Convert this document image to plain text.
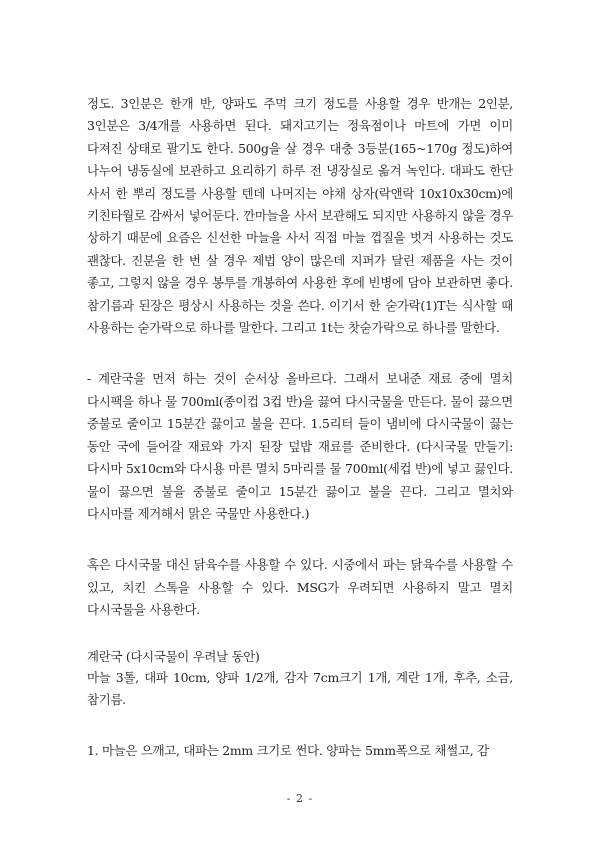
정도. 3인분은 한개 반, 양파도 주먹 크기 정도를 사용할 경우 반개는 2인분, 3인분은 3/4개를 사용하면 된다. 돼지고기는 정육점이나 마트에 가면 이미 다져진 상태로 팔기도 한다. 500g을 살 경우 대충 3등분(165~170g 정도)하여 나누어 냉동실에 보관하고 요리하기 하루 전 냉장실로 옮겨 녹인다. 대파도 한단 사서 한 뿌리 정도를 사용할 텐데 나머지는 야채 상자(락앤락 10x10x30cm)에 키친타월로 감싸서 넣어둔다. 깐마늘을 사서 보관해도 되지만 사용하지 않을 경우 상하기 때문에 요즘은 신선한 마늘을 사서 직접 마늘 껍질을 벗겨 사용하는 것도 괜찮다. 진분을 한 번 살 경우 제법 양이 많은데 지퍼가 달린 제품을 사는 것이 좋고, 그렇지 않을 경우 봉투를 개봉하여 사용한 후에 빈병에 담아 보관하면 좋다. 참기름과 된장은 평상시 사용하는 것을 쓴다. 이기서 한 숟가락(1)T는 식사할 때 사용하는 숟가락으로 하나를 말한다. 그리고 1t는 찻숟가락으로 하나를 말한다.

- 계란국을 먼저 하는 것이 순서상 올바르다. 그래서 보내준 재료 중에 멸치 다시팩을 하나 물 700ml(종이컵 3컵 반)을 끓여 다시국물을 만든다. 물이 끓으면 중불로 줄이고 15분간 끓이고 불을 끈다. 1.5리터 들이 냄비에 다시국물이 끓는 동안 국에 들어갈 재료와 가지 된장 덮밥 재료를 준비한다. (다시국물 만들기: 다시마 5x10cm와 다시용 마른 멸치 5마리를 물 700ml(세컵 반)에 넣고 끓인다. 물이 끓으면 불을 중불로 줄이고 15분간 끓이고 불을 끈다. 그리고 멸치와 다시마를 제거해서 맑은 국물만 사용한다.)

혹은 다시국물 대신 닭육수를 사용할 수 있다. 시중에서 파는 닭육수를 사용할 수 있고, 치킨 스톡을 사용할 수 있다. MSG가 우려되면 사용하지 말고 멸치 다시국물을 사용한다.

계란국 (다시국물이 우려날 동안)

마늘 3톨, 대파 10cm, 양파 1/2개, 감자 7cm크기 1개, 계란 1개, 후추, 소금, 참기름.

1. 마늘은 으깨고, 대파는 2mm 크기로 썬다. 양파는 5mm폭으로 채썰고, 감

- 2 -
